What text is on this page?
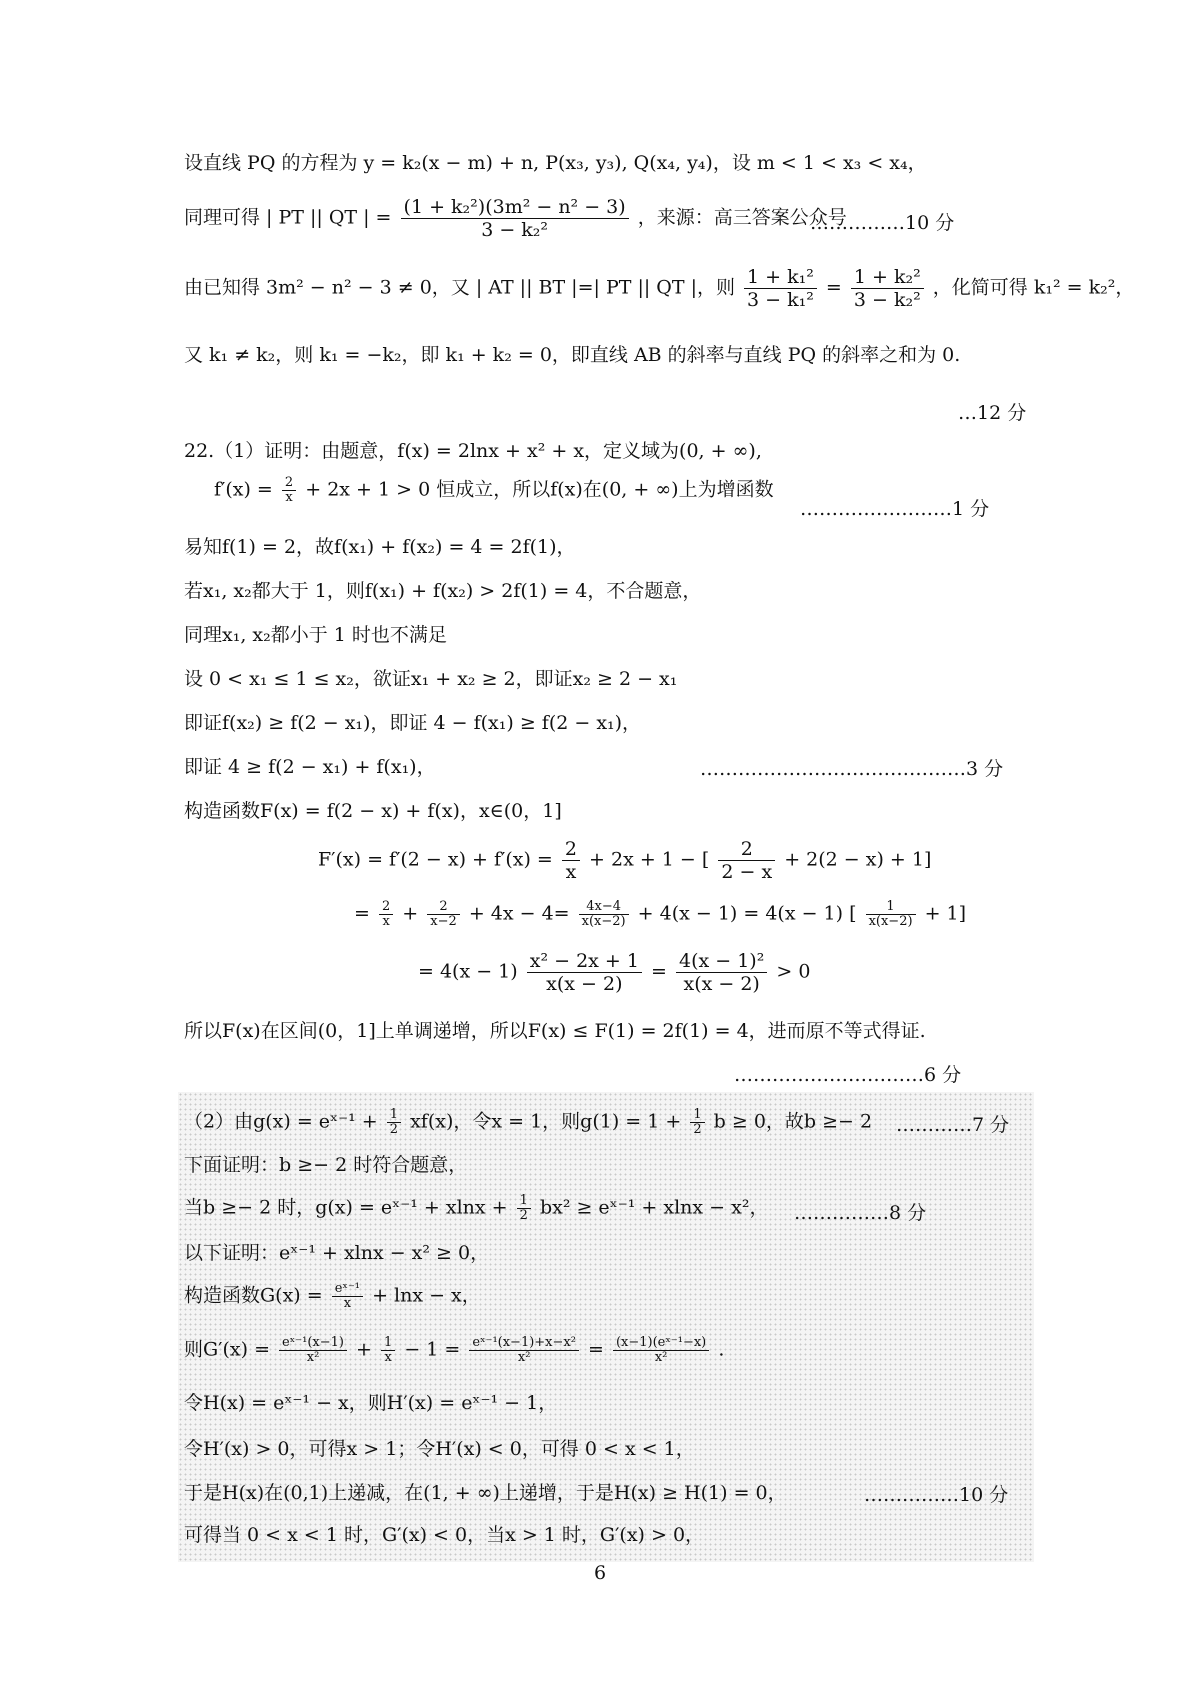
设直线 PQ 的方程为 y = k₂(x − m) + n, P(x₃, y₃), Q(x₄, y₄)，设 m < 1 < x₃ < x₄，
同理可得 | PT || QT | = $\frac{\text{(1 + k₂²)(3m² − n² − 3)}}{\text{3 − k₂²}}$ ，来源：高三答案公众号
……………10 分
由已知得 3m² − n² − 3 ≠ 0，又 | AT || BT |=| PT || QT |，则 $\frac{\text{1 + k₁²}}{\text{3 − k₁²}} = \frac{\text{1 + k₂²}}{\text{3 − k₂²}}$ ，化简可得 k₁² = k₂²，
又 k₁ ≠ k₂，则 k₁ = −k₂，即 k₁ + k₂ = 0，即直线 AB 的斜率与直线 PQ 的斜率之和为 0.
…12 分
22.（1）证明：由题意，f(x) = 2lnx + x² + x，定义域为(0, + ∞),
$f'(x) = \frac{2}{x} + 2x + 1 > 0$ 恒成立，所以f(x)在(0, + ∞)上为增函数
……………………1 分
易知f(1) = 2，故f(x₁) + f(x₂) = 4 = 2f(1)，
若x₁, x₂都大于 1，则f(x₁) + f(x₂) > 2f(1) = 4，不合题意，
同理x₁, x₂都小于 1 时也不满足
设 0 < x₁ ≤ 1 ≤ x₂，欲证x₁ + x₂ ≥ 2，即证x₂ ≥ 2 − x₁
即证f(x₂) ≥ f(2 − x₁)，即证 4 − f(x₁) ≥ f(2 − x₁)，
即证 4 ≥ f(2 − x₁) + f(x₁)，	……………………………………3 分
构造函数F(x) = f(2 − x) + f(x)，x∈(0，1]
$F'(x) = f'(2 - x) + f'(x) = \frac{2}{x} + 2x + 1$ − [ $\frac{2}{2 - x} + 2(2 - x) + 1$]
= $\frac{2}{x} + \frac{2}{x-2} + 4x - 4= \frac{4x-4}{x(x-2)} + 4(x - 1) = 4(x - 1)$ [ $\frac{1}{x(x-2)} + 1$]
= $4(x - 1) \frac{\text{x² − 2x + 1}}{x(x - 2)} = \frac{\text{4(x − 1)²}}{x(x - 2)} > 0$
所以F(x)在区间(0，1]上单调递增，所以F(x) ≤ F(1) = 2f(1) = 4，进而原不等式得证.
…………………………6 分
（2）由g(x) = eˣ⁻¹ + $\frac{1}{2} xf(x)$，令x = 1，则$g(1) = 1 + \frac{1}{2}$ b ≥ 0，故b ≥− 2 …………7 分
下面证明：b ≥− 2 时符合题意，
当b ≥− 2 时，g(x) = eˣ⁻¹ + $xlnx + \frac{1}{2} bx^2$ ≥ eˣ⁻¹ + xlnx − x²， ……………8 分
以下证明：eˣ⁻¹ + xlnx − x² ≥ 0，
构造函数$G(x) = \frac{\text{eˣ⁻¹}}{x} + \ln x - x$，
则$G'(x) = \frac{\text{eˣ⁻¹(x−1)}}{\text{x²}} + \frac{1}{x} - 1 = \frac{\text{eˣ⁻¹(x−1)+x−x²}}{\text{x²}} = \frac{\text{(x−1)(eˣ⁻¹−x)}}{\text{x²}}$ .
令H(x) = eˣ⁻¹ − x，则H′(x) = eˣ⁻¹ − 1，
令H′(x) > 0，可得x > 1；令H′(x) < 0，可得 0 < x < 1，
于是H(x)在(0,1)上递减，在(1, + ∞)上递增，于是H(x) ≥ H(1) = 0，	……………10 分
可得当 0 < x < 1 时，G′(x) < 0，当x > 1 时，G′(x) > 0，
6
